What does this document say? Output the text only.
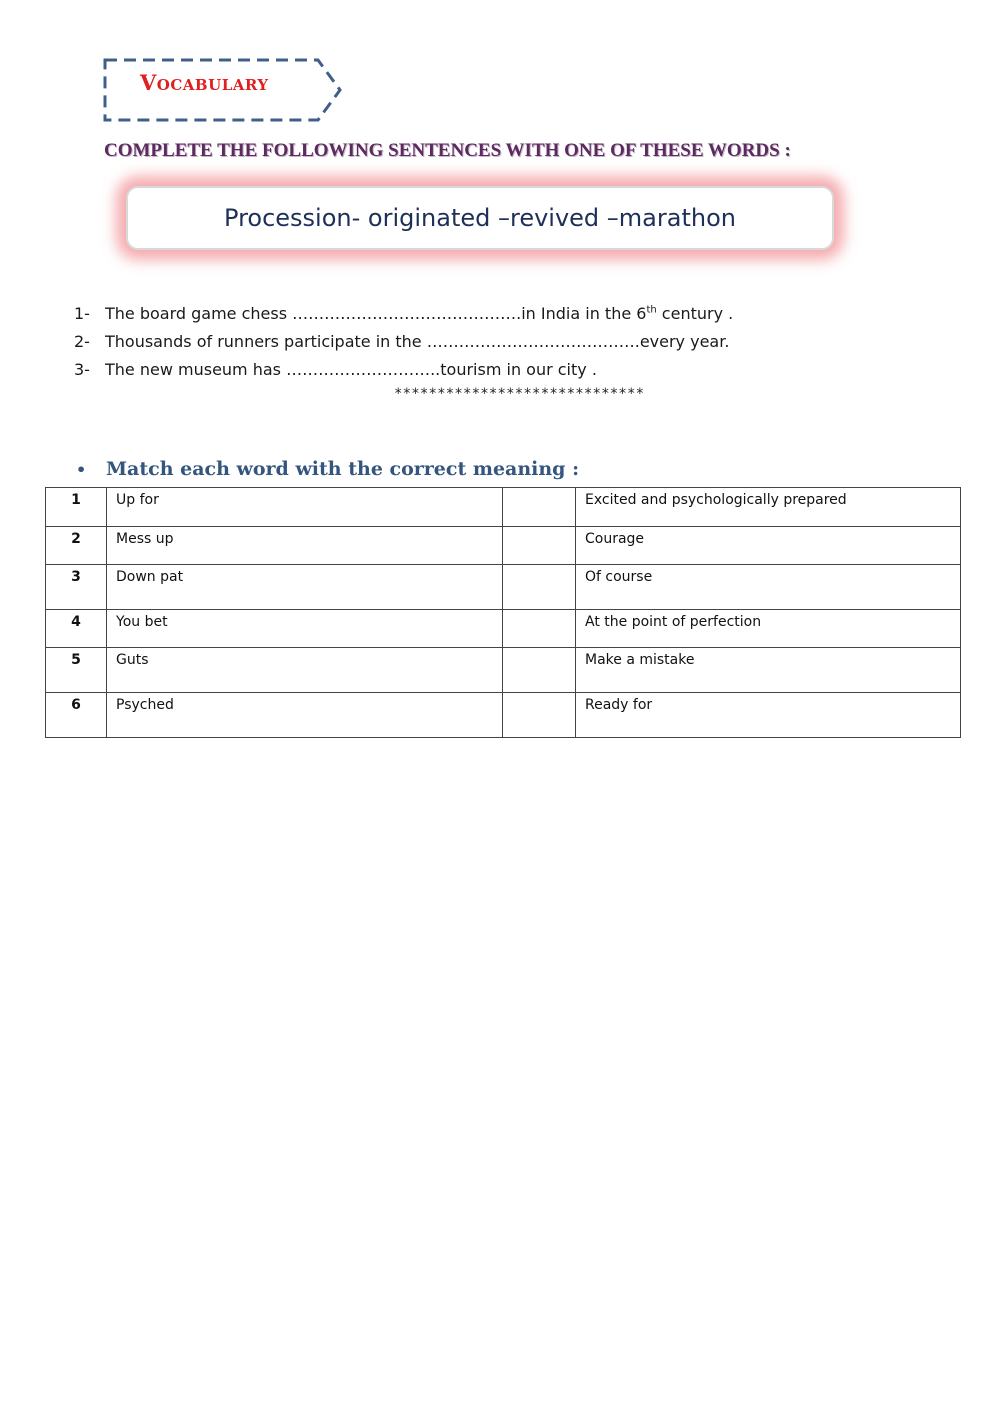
Vocabulary
COMPLETE THE FOLLOWING SENTENCES WITH ONE OF THESE WORDS :
Procession- originated –revived –marathon
1- The board game chess …………………………………….in India in the 6th century .
2- Thousands of runners participate in the ………………………………….every year.
3- The new museum has ………………………..tourism in our city .
*****************************
• Match each word with the correct meaning :
1	Up for		Excited and psychologically prepared
2	Mess up		Courage
3	Down pat		Of course
4	You bet		At the point of perfection
5	Guts		Make a mistake
6	Psyched		Ready for
